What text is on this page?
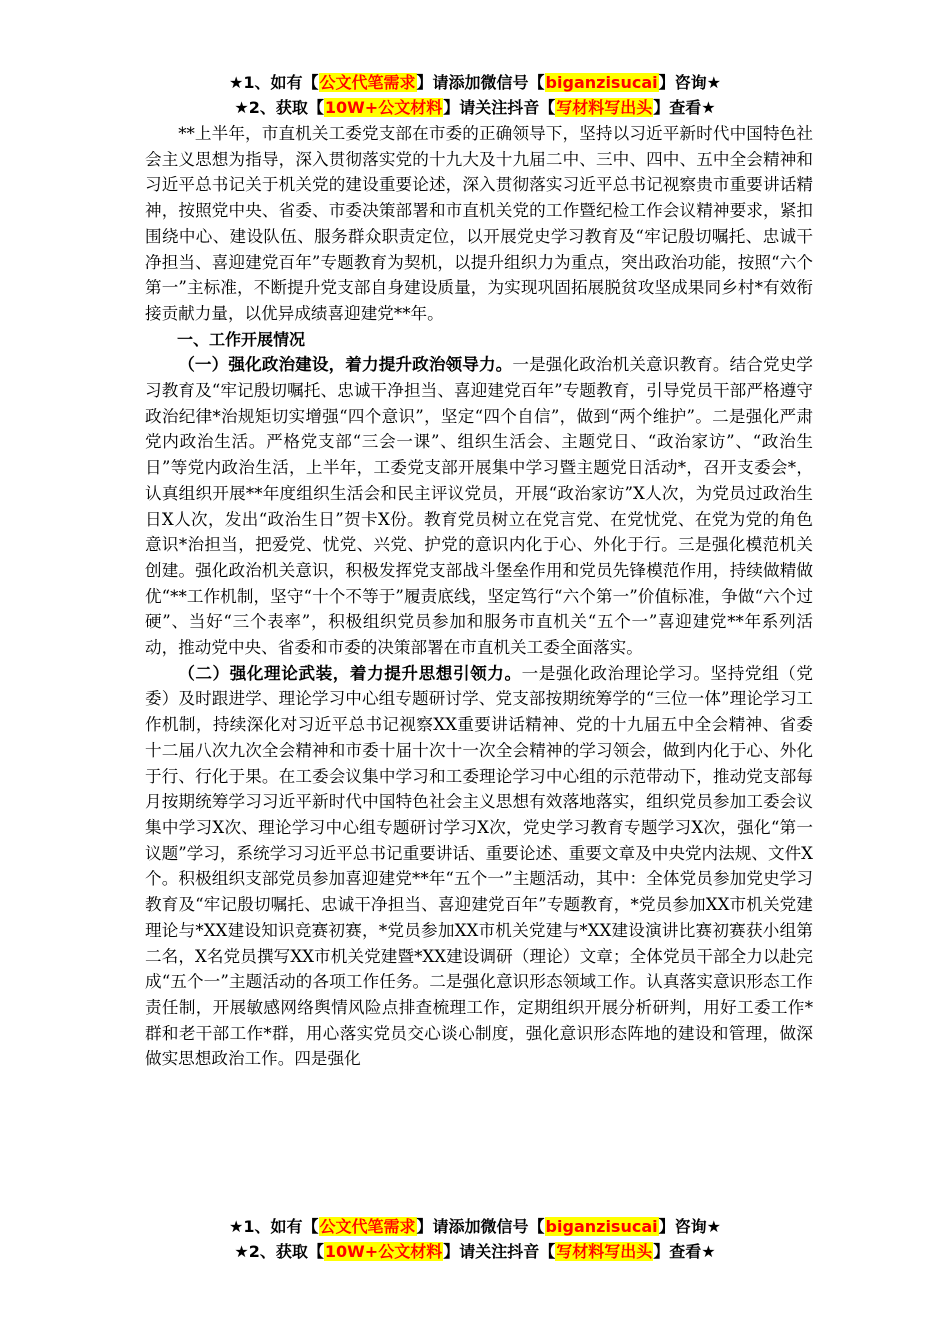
★1、如有【公文代笔需求】请添加微信号【biganzisucai】咨询★
★2、获取【10W+公文材料】请关注抖音【写材料写出头】查看★

**上半年，市直机关工委党支部在市委的正确领导下，坚持以习近平新时代中国特色社会主义思想为指导，深入贯彻落实党的十九大及十九届二中、三中、四中、五中全会精神和习近平总书记关于机关党的建设重要论述，深入贯彻落实习近平总书记视察贵市重要讲话精神，按照党中央、省委、市委决策部署和市直机关党的工作暨纪检工作会议精神要求，紧扣围绕中心、建设队伍、服务群众职责定位，以开展党史学习教育及“牢记殷切嘱托、忠诚干净担当、喜迎建党百年”专题教育为契机，以提升组织力为重点，突出政治功能，按照“六个第一”主标准，不断提升党支部自身建设质量，为实现巩固拓展脱贫攻坚成果同乡村*有效衔接贡献力量，以优异成绩喜迎建党**年。

一、工作开展情况

（一）强化政治建设，着力提升政治领导力。一是强化政治机关意识教育。结合党史学习教育及“牢记殷切嘱托、忠诚干净担当、喜迎建党百年”专题教育，引导党员干部严格遵守政治纪律*治规矩切实增强“四个意识”，坚定“四个自信”，做到“两个维护”。二是强化严肃党内政治生活。严格党支部“三会一课”、组织生活会、主题党日、“政治家访”、“政治生日”等党内政治生活，上半年，工委党支部开展集中学习暨主题党日活动*，召开支委会*，认真组织开展**年度组织生活会和民主评议党员，开展“政治家访”X人次，为党员过政治生日X人次，发出“政治生日”贺卡X份。教育党员树立在党言党、在党忧党、在党为党的角色意识*治担当，把爱党、忧党、兴党、护党的意识内化于心、外化于行。三是强化模范机关创建。强化政治机关意识，积极发挥党支部战斗堡垒作用和党员先锋模范作用，持续做精做优“**工作机制，坚守“十个不等于”履责底线，坚定笃行“六个第一”价值标准，争做“六个过硬”、当好“三个表率”，积极组织党员参加和服务市直机关“五个一”喜迎建党**年系列活动，推动党中央、省委和市委的决策部署在市直机关工委全面落实。

（二）强化理论武装，着力提升思想引领力。一是强化政治理论学习。坚持党组（党委）及时跟进学、理论学习中心组专题研讨学、党支部按期统筹学的“三位一体”理论学习工作机制，持续深化对习近平总书记视察XX重要讲话精神、党的十九届五中全会精神、省委十二届八次九次全会精神和市委十届十次十一次全会精神的学习领会，做到内化于心、外化于行、行化于果。在工委会议集中学习和工委理论学习中心组的示范带动下，推动党支部每月按期统筹学习习近平新时代中国特色社会主义思想有效落地落实，组织党员参加工委会议集中学习X次、理论学习中心组专题研讨学习X次，党史学习教育专题学习X次，强化“第一议题”学习，系统学习习近平总书记重要讲话、重要论述、重要文章及中央党内法规、文件X个。积极组织支部党员参加喜迎建党**年“五个一”主题活动，其中：全体党员参加党史学习教育及“牢记殷切嘱托、忠诚干净担当、喜迎建党百年”专题教育，*党员参加XX市机关党建理论与*XX建设知识竞赛初赛，*党员参加XX市机关党建与*XX建设演讲比赛初赛获小组第二名，X名党员撰写XX市机关党建暨*XX建设调研（理论）文章；全体党员干部全力以赴完成“五个一”主题活动的各项工作任务。二是强化意识形态领域工作。认真落实意识形态工作责任制，开展敏感网络舆情风险点排查梳理工作，定期组织开展分析研判，用好工委工作*群和老干部工作*群，用心落实党员交心谈心制度，强化意识形态阵地的建设和管理，做深做实思想政治工作。四是强化

★1、如有【公文代笔需求】请添加微信号【biganzisucai】咨询★
★2、获取【10W+公文材料】请关注抖音【写材料写出头】查看★
